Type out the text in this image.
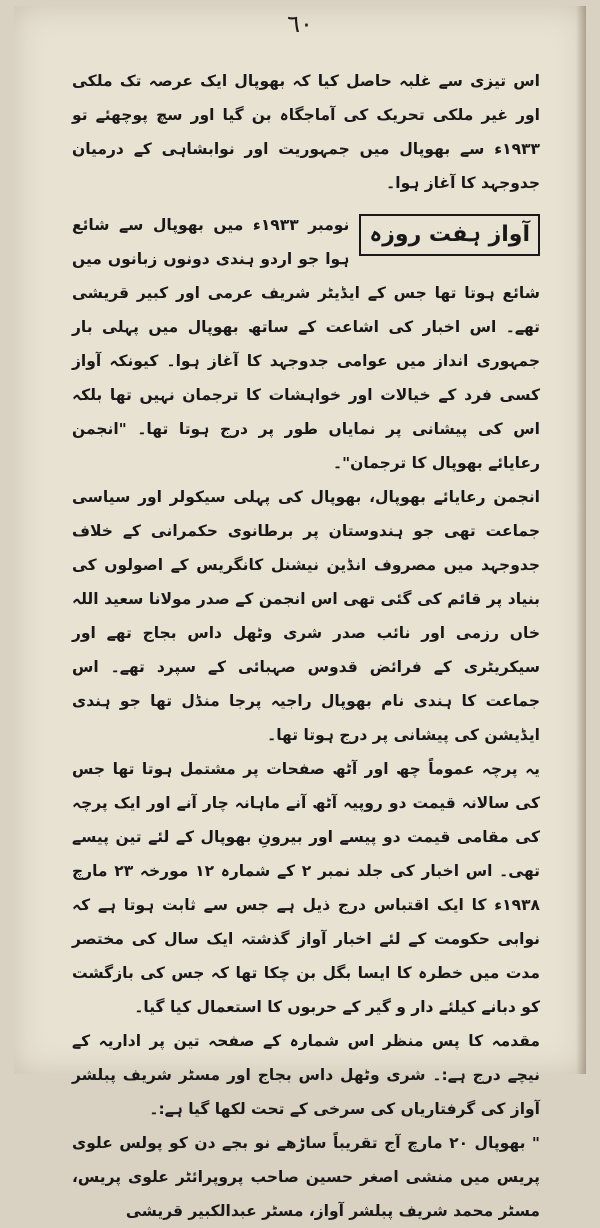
٦٠

اس تیزی سے غلبہ حاصل کیا کہ بھوپال ایک عرصہ تک ملکی اور غیر ملکی تحریک کی آماجگاہ بن گیا اور سچ پوچھئے تو ۱۹۳۳ء سے بھوپال میں جمہوریت اور نوابشاہی کے درمیان جدوجہد کا آغاز ہوا۔

آواز ہفت روزہ

نومبر ۱۹۳۳ء میں بھوپال سے شائع ہوا جو اردو ہندی دونوں زبانوں میں شائع ہوتا تھا جس کے ایڈیٹر شریف عرمی اور کبیر قریشی تھے۔ اس اخبار کی اشاعت کے ساتھ بھوپال میں پہلی بار جمہوری انداز میں عوامی جدوجہد کا آغاز ہوا۔ کیونکہ آواز کسی فرد کے خیالات اور خواہشات کا ترجمان نہیں تھا بلکہ اس کی پیشانی پر نمایاں طور پر درج ہوتا تھا۔ "انجمن رعایائے بھوپال کا ترجمان"۔

انجمن رعایائے بھوپال، بھوپال کی پہلی سیکولر اور سیاسی جماعت تھی جو ہندوستان پر برطانوی حکمرانی کے خلاف جدوجہد میں مصروف انڈین نیشنل کانگریس کے اصولوں کی بنیاد پر قائم کی گئی تھی اس انجمن کے صدر مولانا سعید اللہ خاں رزمی اور نائب صدر شری وٹھل داس بجاج تھے اور سیکریٹری کے فرائض قدوس صہبائی کے سپرد تھے۔ اس جماعت کا ہندی نام بھوپال راجیہ پرجا منڈل تھا جو ہندی ایڈیشن کی پیشانی پر درج ہوتا تھا۔

یہ پرچہ عموماً چھ اور آٹھ صفحات پر مشتمل ہوتا تھا جس کی سالانہ قیمت دو روپیہ آٹھ آنے ماہانہ چار آنے اور ایک پرچہ کی مقامی قیمت دو پیسے اور بیرونِ بھوپال کے لئے تین پیسے تھی۔ اس اخبار کی جلد نمبر ۲ کے شمارہ ۱۲ مورخہ ۲۳ مارچ ۱۹۳۸ء کا ایک اقتباس درج ذیل ہے جس سے ثابت ہوتا ہے کہ نوابی حکومت کے لئے اخبار آواز گذشتہ ایک سال کی مختصر مدت میں خطرہ کا ایسا بگل بن چکا تھا کہ جس کی بازگشت کو دبانے کیلئے دار و گیر کے حربوں کا استعمال کیا گیا۔

مقدمہ کا پس منظر اس شمارہ کے صفحہ تین پر اداریہ کے نیچے درج ہے:۔ شری وٹھل داس بجاج اور مسٹر شریف پبلشر آواز کی گرفتاریاں کی سرخی کے تحت لکھا گیا ہے:۔

" بھوپال ۲۰ مارچ آج تقریباً ساڑھے نو بجے دن کو پولس علوی پریس میں منشی اصغر حسین صاحب پروپرائٹر علوی پریس، مسٹر محمد شریف پبلشر آواز، مسٹر عبدالکبیر قریشی
